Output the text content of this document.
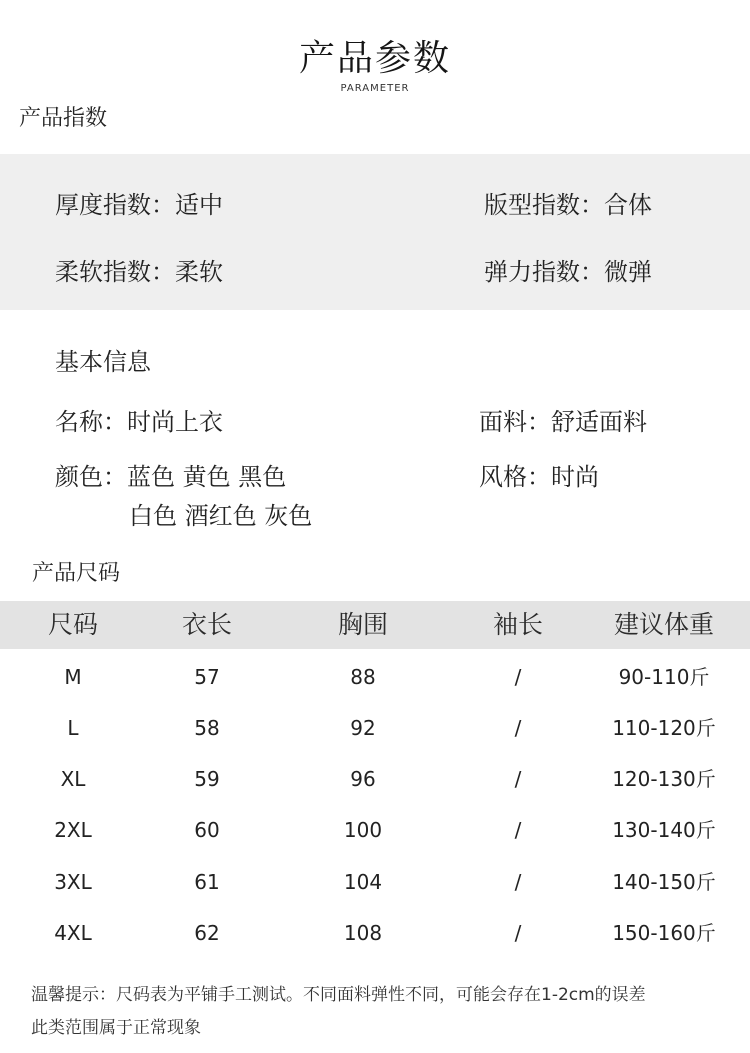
产品参数
PARAMETER
产品指数
厚度指数：适中	版型指数：合体
柔软指数：柔软	弹力指数：微弹
基本信息
名称：时尚上衣	面料：舒适面料
颜色：蓝色 黄色 黑色
白色 酒红色 灰色
风格：时尚
产品尺码
尺码	衣长	胸围	袖长	建议体重
M	57	88	/	90-110斤
L	58	92	/	110-120斤
XL	59	96	/	120-130斤
2XL	60	100	/	130-140斤
3XL	61	104	/	140-150斤
4XL	62	108	/	150-160斤
温馨提示：尺码表为平铺手工测试。不同面料弹性不同，可能会存在1-2cm的误差
此类范围属于正常现象
